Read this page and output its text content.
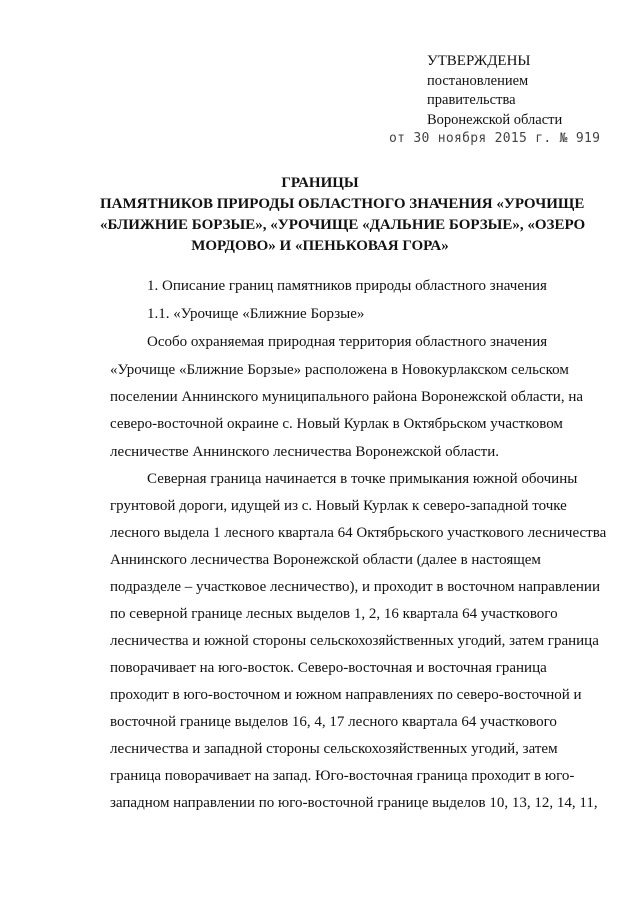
УТВЕРЖДЕНЫ
постановлением
правительства
Воронежской области
от 30 ноября 2015 г. № 919
ГРАНИЦЫ
ПАМЯТНИКОВ ПРИРОДЫ ОБЛАСТНОГО ЗНАЧЕНИЯ «УРОЧИЩЕ
«БЛИЖНИЕ БОРЗЫЕ», «УРОЧИЩЕ «ДАЛЬНИЕ БОРЗЫЕ», «ОЗЕРО
МОРДОВО» И «ПЕНЬКОВАЯ ГОРА»
1. Описание границ памятников природы областного значения
1.1. «Урочище «Ближние Борзые»
Особо охраняемая природная территория областного значения
«Урочище «Ближние Борзые» расположена в Новокурлакском сельском
поселении Аннинского муниципального района Воронежской области, на
северо-восточной окраине с. Новый Курлак в Октябрьском участковом
лесничестве Аннинского лесничества Воронежской области.
Северная граница начинается в точке примыкания южной обочины
грунтовой дороги, идущей из с. Новый Курлак к северо-западной точке
лесного выдела 1 лесного квартала 64 Октябрьского участкового лесничества
Аннинского лесничества Воронежской области (далее в настоящем
подразделе – участковое лесничество), и проходит в восточном направлении
по северной границе лесных выделов 1, 2, 16 квартала 64 участкового
лесничества и южной стороны сельскохозяйственных угодий, затем граница
поворачивает на юго-восток. Северо-восточная и восточная граница
проходит в юго-восточном и южном направлениях по северо-восточной и
восточной границе выделов 16, 4, 17 лесного квартала 64 участкового
лесничества и западной стороны сельскохозяйственных угодий, затем
граница поворачивает на запад. Юго-восточная граница проходит в юго-
западном направлении по юго-восточной границе выделов 10, 13, 12, 14, 11,
